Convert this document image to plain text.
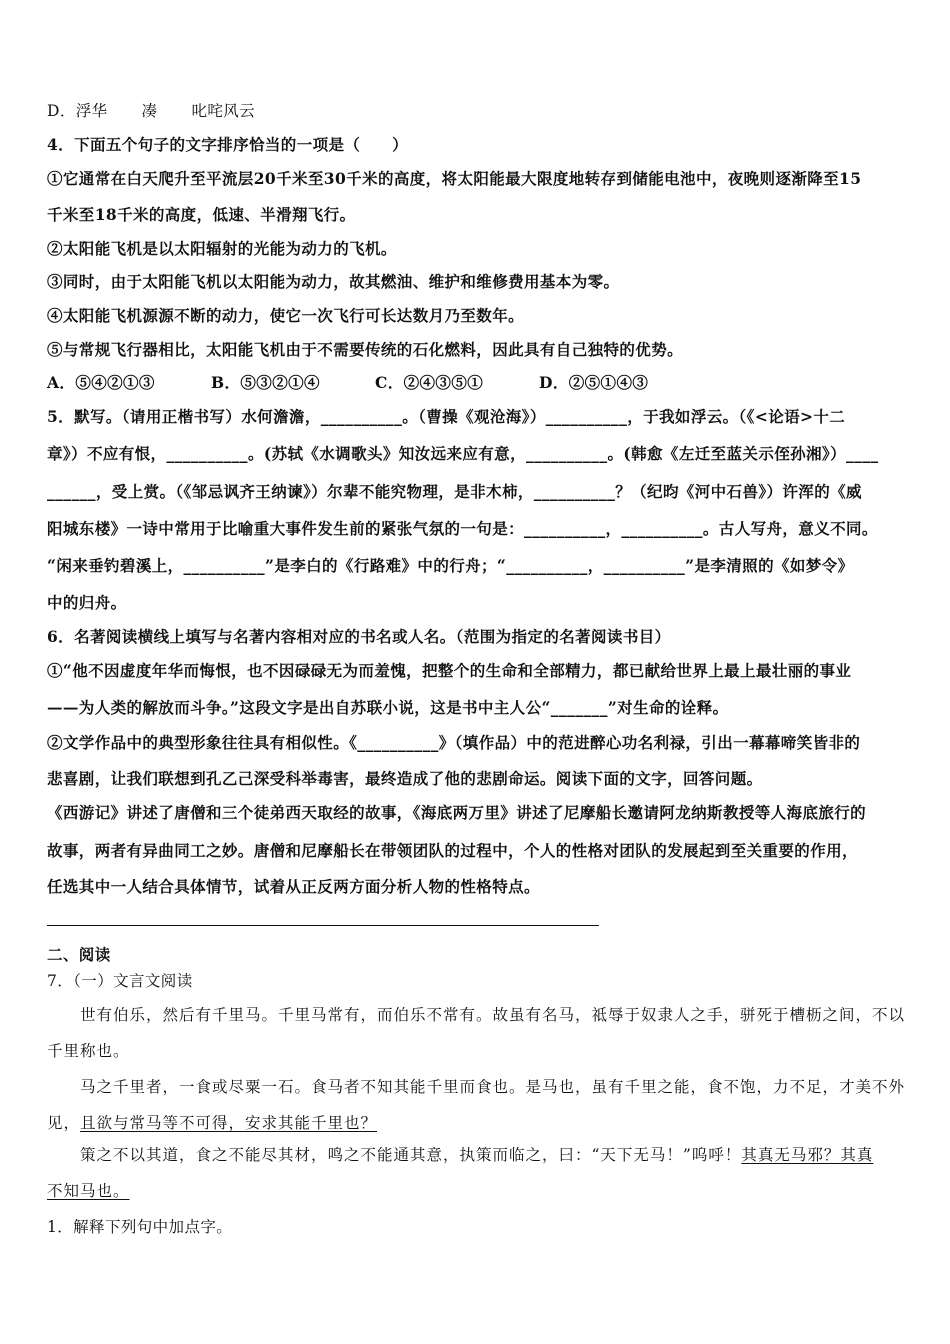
D．浮华 凑 叱咤风云
4．下面五个句子的文字排序恰当的一项是（　　）
①它通常在白天爬升至平流层20千米至30千米的高度，将太阳能最大限度地转存到储能电池中，夜晚则逐渐降至15
千米至18千米的高度，低速、半滑翔飞行。
②太阳能飞机是以太阳辐射的光能为动力的飞机。
③同时，由于太阳能飞机以太阳能为动力，故其燃油、维护和维修费用基本为零。
④太阳能飞机源源不断的动力，使它一次飞行可长达数月乃至数年。
⑤与常规飞行器相比，太阳能飞机由于不需要传统的石化燃料，因此具有自己独特的优势。
A．⑤④②①③	B．⑤③②①④	C．②④③⑤①	D．②⑤①④③
5．默写。（请用正楷书写）水何澹澹，__________。（曹操《观沧海》）__________，于我如浮云。（《<论语>十二
章》）不应有恨，__________。(苏轼《水调歌头》知汝远来应有意，__________。(韩愈《左迁至蓝关示侄孙湘》）____
______，受上赏。（《邹忌讽齐王纳谏》）尔辈不能究物理，是非木柿，__________？（纪昀《河中石兽》）许浑的《威
阳城东楼》一诗中常用于比喻重大事件发生前的紧张气氛的一句是：__________，__________。古人写舟，意义不同。
“闲来垂钓碧溪上，__________”是李白的《行路难》中的行舟；“__________，__________”是李清照的《如梦令》
中的归舟。
6．名著阅读横线上填写与名著内容相对应的书名或人名。（范围为指定的名著阅读书目）
①“他不因虚度年华而悔恨，也不因碌碌无为而羞愧，把整个的生命和全部精力，都已献给世界上最上最壮丽的事业
——为人类的解放而斗争。”这段文字是出自苏联小说，这是书中主人公“_______”对生命的诠释。
②文学作品中的典型形象往往具有相似性。《__________》（填作品）中的范进醉心功名利禄，引出一幕幕啼笑皆非的
悲喜剧，让我们联想到孔乙己深受科举毒害，最终造成了他的悲剧命运。阅读下面的文字，回答问题。
《西游记》讲述了唐僧和三个徒弟西天取经的故事，《海底两万里》讲述了尼摩船长邀请阿龙纳斯教授等人海底旅行的
故事，两者有异曲同工之妙。唐僧和尼摩船长在带领团队的过程中，个人的性格对团队的发展起到至关重要的作用，
任选其中一人结合具体情节，试着从正反两方面分析人物的性格特点。
二、阅读
7．（一）文言文阅读
世有伯乐，然后有千里马。千里马常有，而伯乐不常有。故虽有名马，祗辱于奴隶人之手，骈死于槽枥之间，不以
千里称也。
马之千里者，一食或尽粟一石。食马者不知其能千里而食也。是马也，虽有千里之能，食不饱，力不足，才美不外
见，且欲与常马等不可得，安求其能千里也？
策之不以其道，食之不能尽其材，鸣之不能通其意，执策而临之，曰：“天下无马！”呜呼！其真无马邪？其真
不知马也。
1．解释下列句中加点字。
